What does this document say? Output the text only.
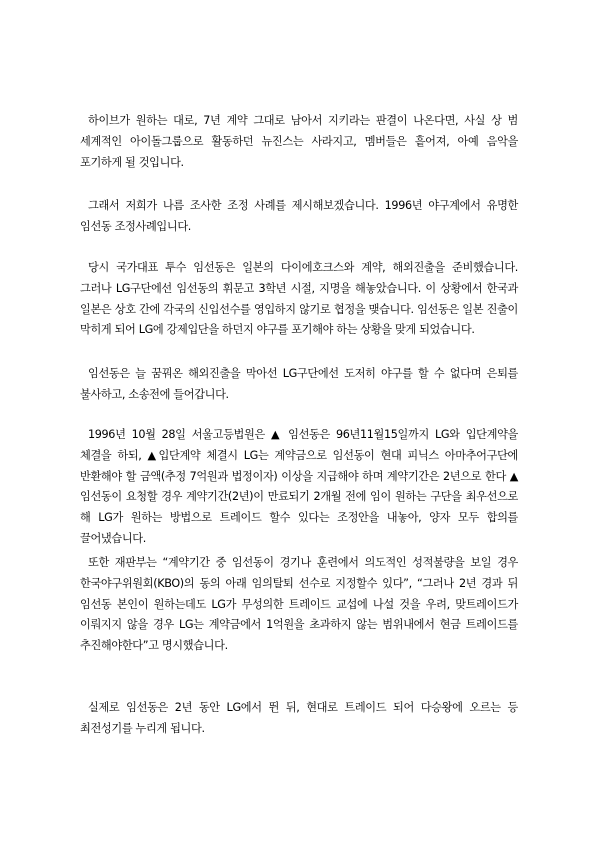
하이브가 원하는 대로, 7년 계약 그대로 남아서 지키라는 판결이 나온다면, 사실 상 범 세계적인 아이돌그룹으로 활동하던 뉴진스는 사라지고, 멤버들은 흩어져, 아예 음악을 포기하게 될 것입니다.

그래서 저희가 나름 조사한 조정 사례를 제시해보겠습니다. 1996년 야구계에서 유명한 임선동 조정사례입니다.

당시 국가대표 투수 임선동은 일본의 다이에호크스와 계약, 해외진출을 준비했습니다. 그러나 LG구단에선 임선동의 휘문고 3학년 시절, 지명을 해놓았습니다. 이 상황에서 한국과 일본은 상호 간에 각국의 신입선수를 영입하지 않기로 협정을 맺습니다. 임선동은 일본 진출이 막히게 되어 LG에 강제입단을 하던지 야구를 포기해야 하는 상황을 맞게 되었습니다.

임선동은 늘 꿈꿔온 해외진출을 막아선 LG구단에선 도저히 야구를 할 수 없다며 은퇴를 불사하고, 소송전에 들어갑니다.

1996년 10월 28일 서울고등법원은 ▲ 임선동은 96년11월15일까지 LG와 입단계약을 체결을 하되, ▲입단계약 체결시 LG는 계약금으로 임선동이 현대 피닉스 아마추어구단에 반환해야 할 금액(추정 7억원과 법정이자) 이상을 지급해야 하며 계약기간은 2년으로 한다 ▲ 임선동이 요청할 경우 계약기간(2년)이 만료되기 2개월 전에 임이 원하는 구단을 최우선으로 해 LG가 원하는 방법으로 트레이드 할수 있다는 조정안을 내놓아, 양자 모두 합의를 끌어냈습니다.

또한 재판부는 “계약기간 중 임선동이 경기나 훈련에서 의도적인 성적불량을 보일 경우 한국야구위원회(KBO)의 동의 아래 임의탈퇴 선수로 지정할수 있다”, “그러나 2년 경과 뒤 임선동 본인이 원하는데도 LG가 무성의한 트레이드 교섭에 나설 것을 우려, 맞트레이드가 이뤄지지 않을 경우 LG는 계약금에서 1억원을 초과하지 않는 범위내에서 현금 트레이드를 추진해야한다”고 명시했습니다.

실제로 임선동은 2년 동안 LG에서 뛴 뒤, 현대로 트레이드 되어 다승왕에 오르는 등 최전성기를 누리게 됩니다.
